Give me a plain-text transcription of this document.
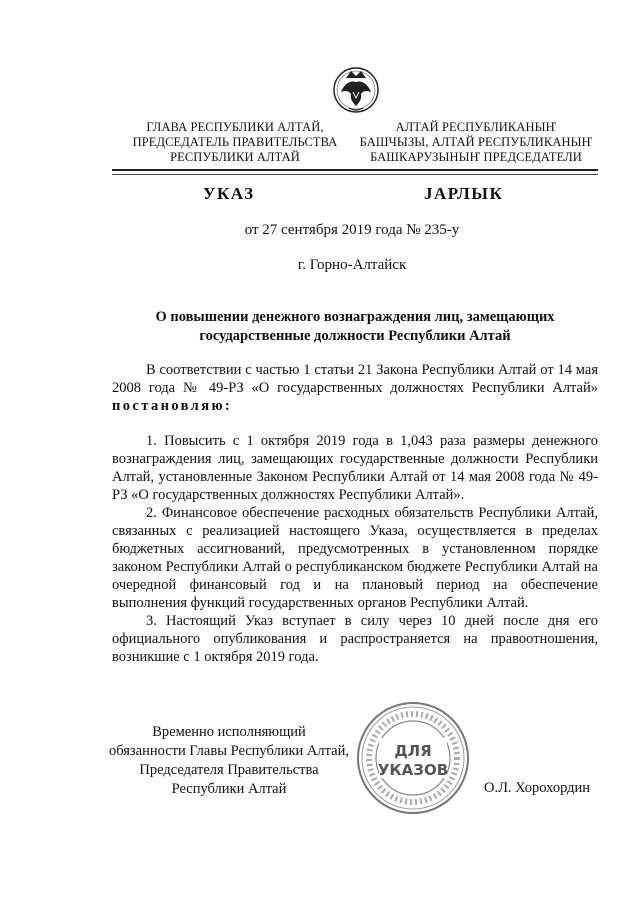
ГЛАВА РЕСПУБЛИКИ АЛТАЙ,
ПРЕДСЕДАТЕЛЬ ПРАВИТЕЛЬСТВА
РЕСПУБЛИКИ АЛТАЙ
АЛТАЙ РЕСПУБЛИКАНЫҤ
БАШЧЫЗЫ, АЛТАЙ РЕСПУБЛИКАНЫҤ
БАШКАРУЗЫНЫҤ ПРЕДСЕДАТЕЛИ
УКАЗ	JАРЛЫК
от 27 сентября 2019 года № 235-у
г. Горно-Алтайск
О повышении денежного вознаграждения лиц, замещающих
государственные должности Республики Алтай

В соответствии с частью 1 статьи 21 Закона Республики Алтай от 14 мая 2008 года № 49-РЗ «О государственных должностях Республики Алтай» постановляю:

1. Повысить с 1 октября 2019 года в 1,043 раза размеры денежного вознаграждения лиц, замещающих государственные должности Республики Алтай, установленные Законом Республики Алтай от 14 мая 2008 года № 49-РЗ «О государственных должностях Республики Алтай».

2. Финансовое обеспечение расходных обязательств Республики Алтай, связанных с реализацией настоящего Указа, осуществляется в пределах бюджетных ассигнований, предусмотренных в установленном порядке законом Республики Алтай о республиканском бюджете Республики Алтай на очередной финансовый год и на плановый период на обеспечение выполнения функций государственных органов Республики Алтай.

3. Настоящий Указ вступает в силу через 10 дней после дня его официального опубликования и распространяется на правоотношения, возникшие с 1 октября 2019 года.

Временно исполняющий
обязанности Главы Республики Алтай,
Председателя Правительства
Республики Алтай
ДЛЯ
УКАЗОВ
О.Л. Хорохордин
